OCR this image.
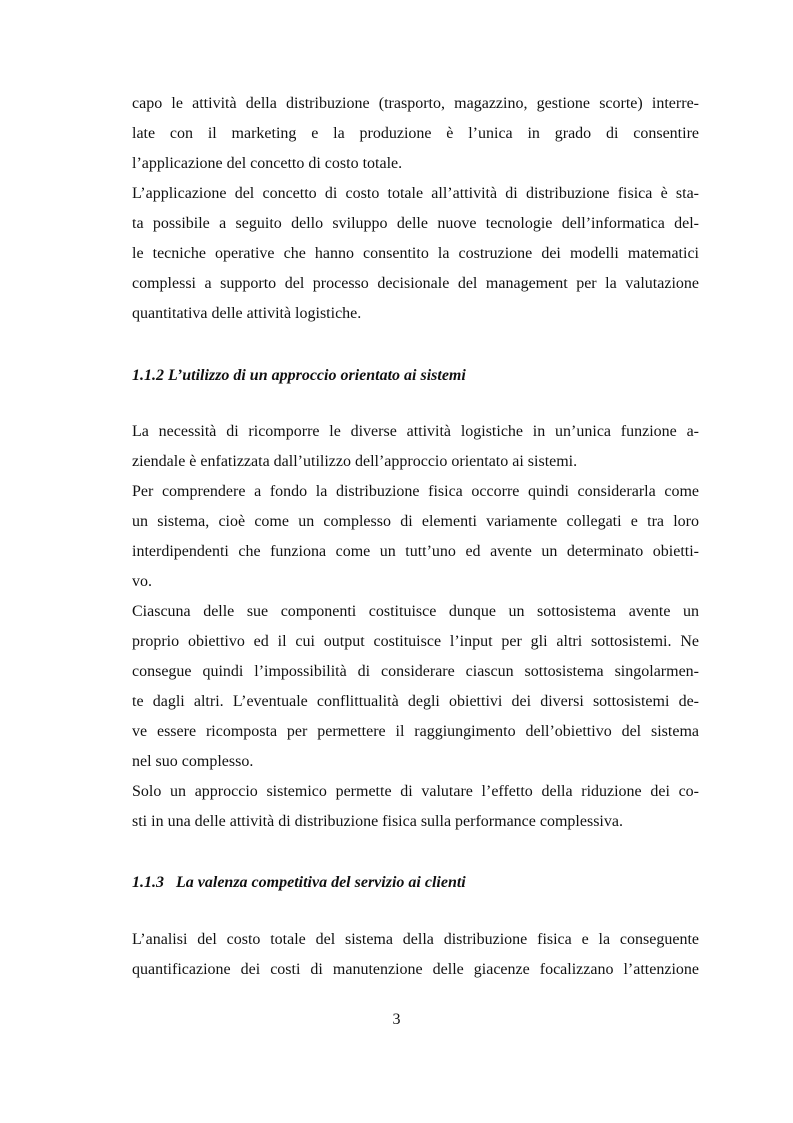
capo le attività della distribuzione (trasporto, magazzino, gestione scorte) interre-
late con il marketing e la produzione è l’unica in grado di consentire
l’applicazione del concetto di costo totale.
L’applicazione del concetto di costo totale all’attività di distribuzione fisica è sta-
ta possibile a seguito dello sviluppo delle nuove tecnologie dell’informatica del-
le tecniche operative che hanno consentito la costruzione dei modelli matematici
complessi a supporto del processo decisionale del management per la valutazione
quantitativa delle attività logistiche.
1.1.2 L’utilizzo di un approccio orientato ai sistemi
La necessità di ricomporre le diverse attività logistiche in un’unica funzione a-
ziendale è enfatizzata dall’utilizzo dell’approccio orientato ai sistemi.
Per comprendere a fondo la distribuzione fisica occorre quindi considerarla come
un sistema, cioè come un complesso di elementi variamente collegati e tra loro
interdipendenti che funziona come un tutt’uno ed avente un determinato obietti-
vo.
Ciascuna delle sue componenti costituisce dunque un sottosistema avente un
proprio obiettivo ed il cui output costituisce l’input per gli altri sottosistemi. Ne
consegue quindi l’impossibilità di considerare ciascun sottosistema singolarmen-
te dagli altri. L’eventuale conflittualità degli obiettivi dei diversi sottosistemi de-
ve essere ricomposta per permettere il raggiungimento dell’obiettivo del sistema
nel suo complesso.
Solo un approccio sistemico permette di valutare l’effetto della riduzione dei co-
sti in una delle attività di distribuzione fisica sulla performance complessiva.
1.1.3   La valenza competitiva del servizio ai clienti
L’analisi del costo totale del sistema della distribuzione fisica e la conseguente
quantificazione dei costi di manutenzione delle giacenze focalizzano l’attenzione
3
